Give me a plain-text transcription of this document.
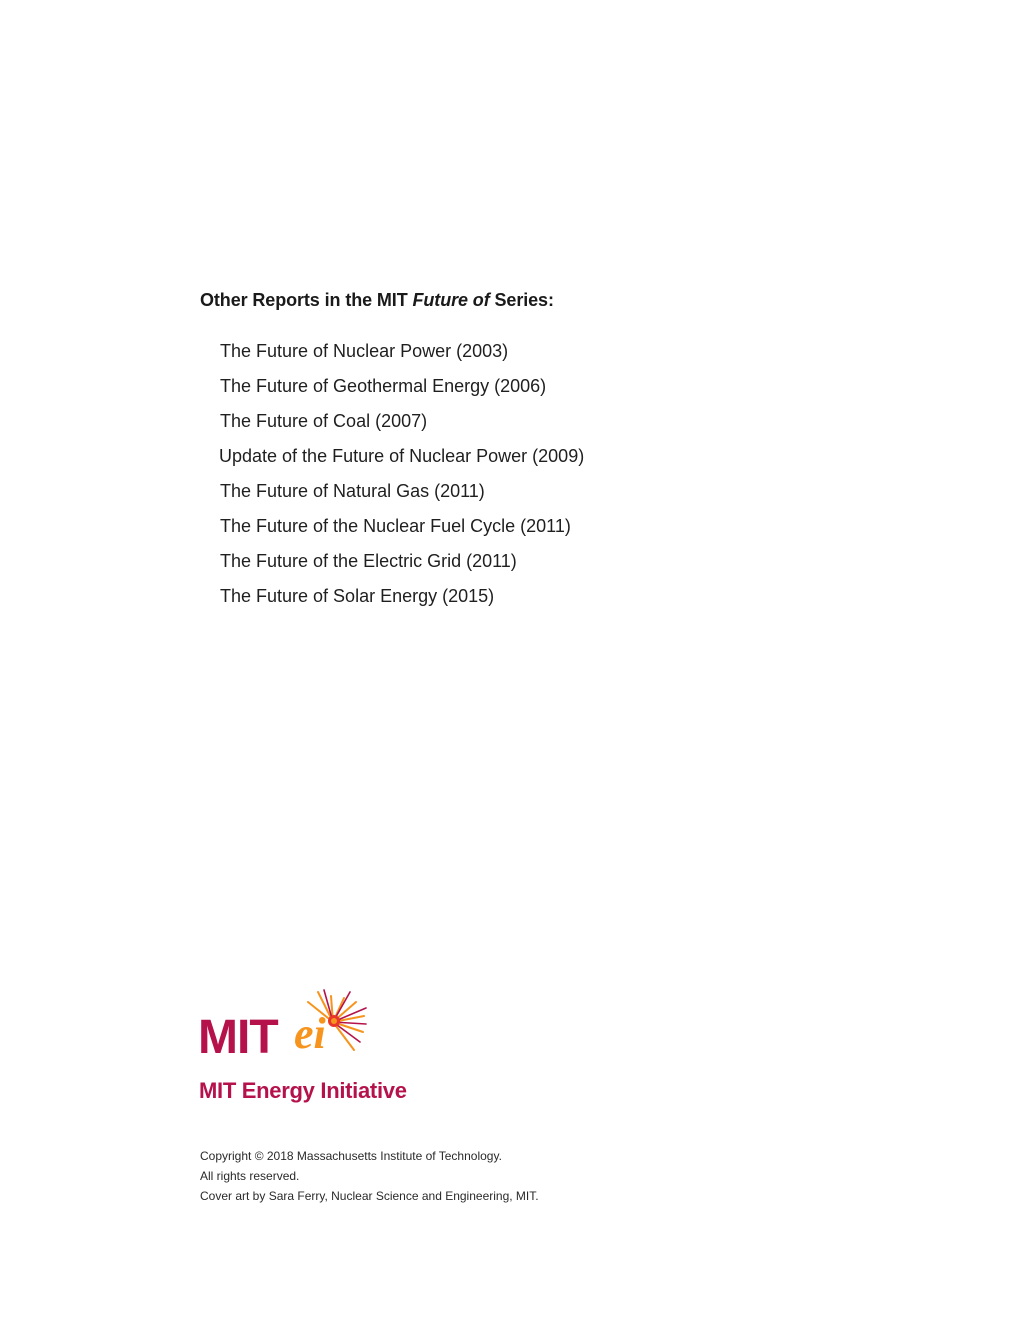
Other Reports in the MIT Future of Series:
The Future of Nuclear Power (2003)
The Future of Geothermal Energy (2006)
The Future of Coal (2007)
Update of the Future of Nuclear Power (2009)
The Future of Natural Gas (2011)
The Future of the Nuclear Fuel Cycle (2011)
The Future of the Electric Grid (2011)
The Future of Solar Energy (2015)
MIT ei
MIT Energy Initiative
Copyright © 2018 Massachusetts Institute of Technology.
All rights reserved.
Cover art by Sara Ferry, Nuclear Science and Engineering, MIT.
